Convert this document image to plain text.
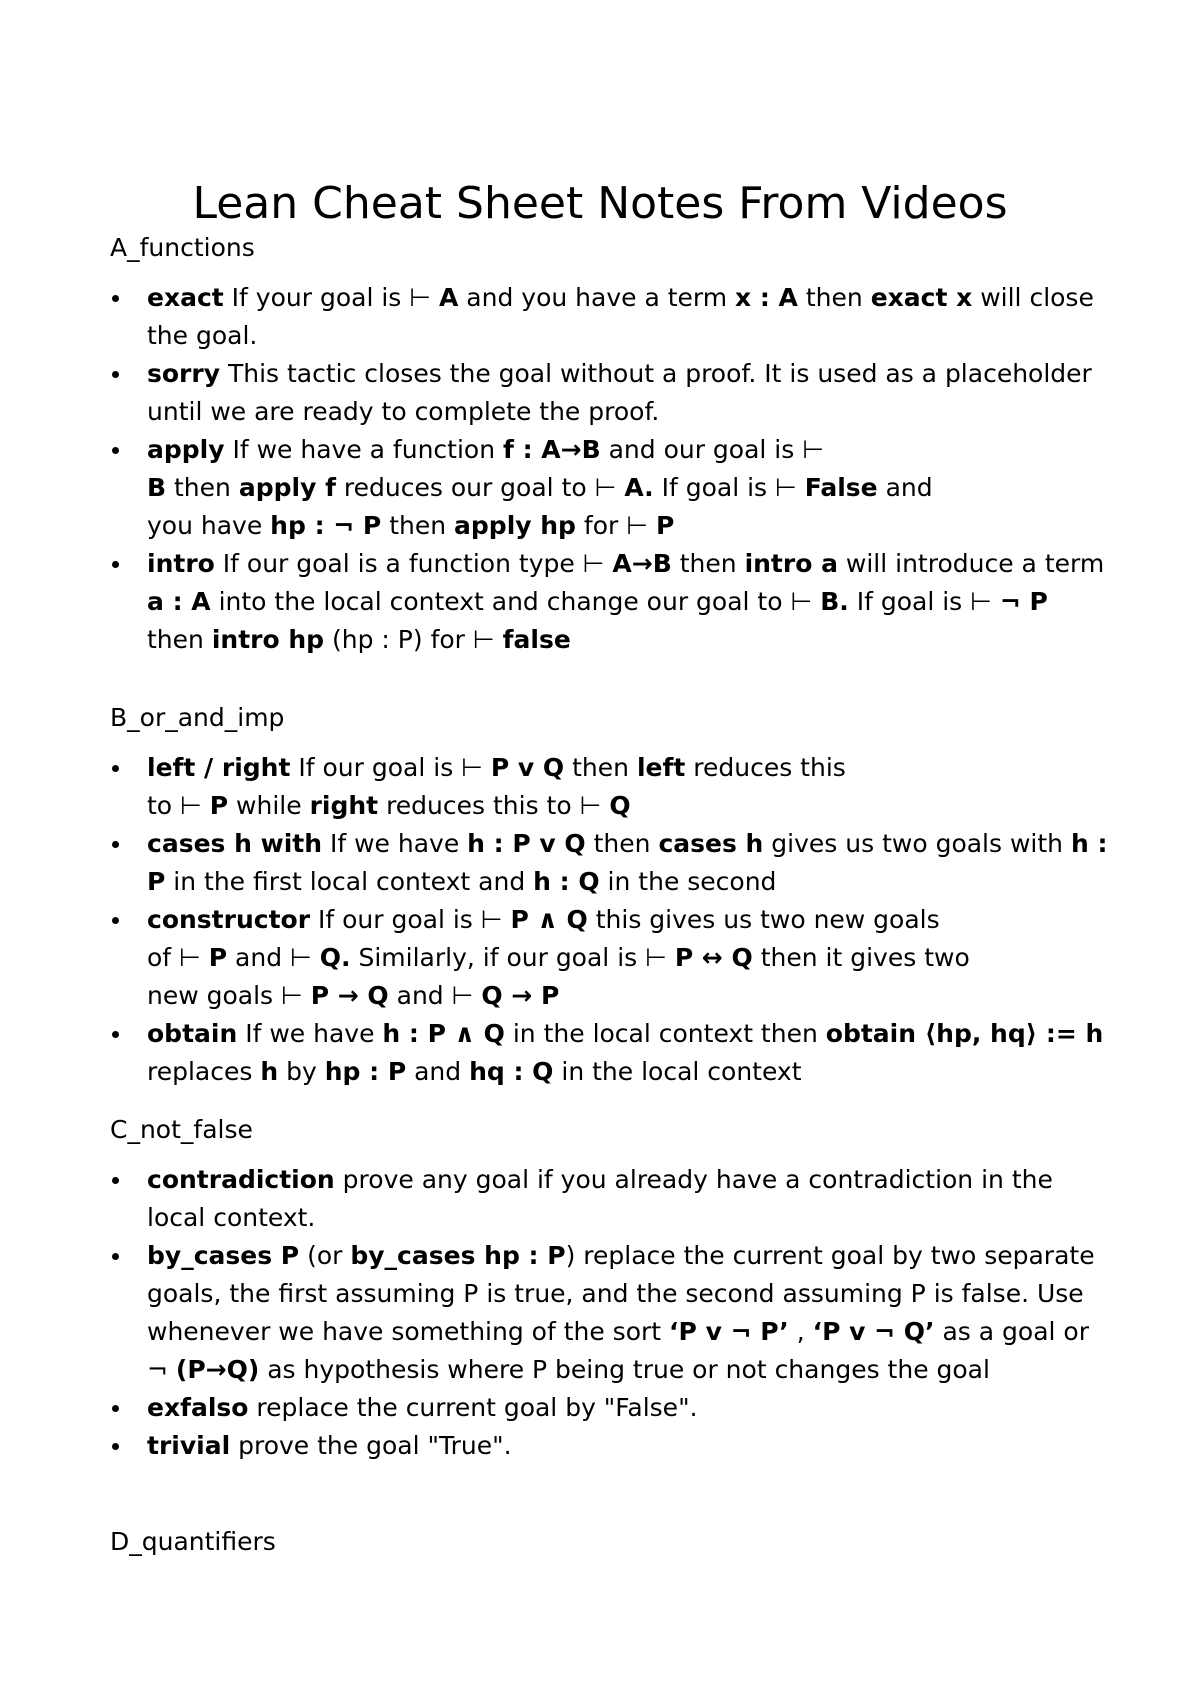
Lean Cheat Sheet Notes From Videos
A_functions
exact If your goal is ⊢ A and you have a term x : A then exact x will close the goal.
sorry This tactic closes the goal without a proof. It is used as a placeholder until we are ready to complete the proof.
apply If we have a function f : A→B and our goal is ⊢
B then apply f reduces our goal to ⊢ A. If goal is ⊢ False and
you have hp : ¬ P then apply hp for ⊢ P
intro If our goal is a function type ⊢ A→B then intro a will introduce a term a : A into the local context and change our goal to ⊢ B. If goal is ⊢ ¬ P then intro hp (hp : P) for ⊢ false
B_or_and_imp
left / right If our goal is ⊢ P v Q then left reduces this
to ⊢ P while right reduces this to ⊢ Q
cases h with If we have h : P v Q then cases h gives us two goals with h : P in the first local context and h : Q in the second
constructor If our goal is ⊢ P ∧ Q this gives us two new goals
of ⊢ P and ⊢ Q. Similarly, if our goal is ⊢ P ↔ Q then it gives two
new goals ⊢ P → Q and ⊢ Q → P
obtain If we have h : P ∧ Q in the local context then obtain ⟨hp, hq⟩ := h replaces h by hp : P and hq : Q in the local context
C_not_false
contradiction prove any goal if you already have a contradiction in the local context.
by_cases P (or by_cases hp : P) replace the current goal by two separate goals, the first assuming P is true, and the second assuming P is false. Use whenever we have something of the sort ‘P v ¬ P’ , ‘P v ¬ Q’ as a goal or ¬ (P→Q) as hypothesis where P being true or not changes the goal
exfalso replace the current goal by "False".
trivial prove the goal "True".
D_quantifiers
